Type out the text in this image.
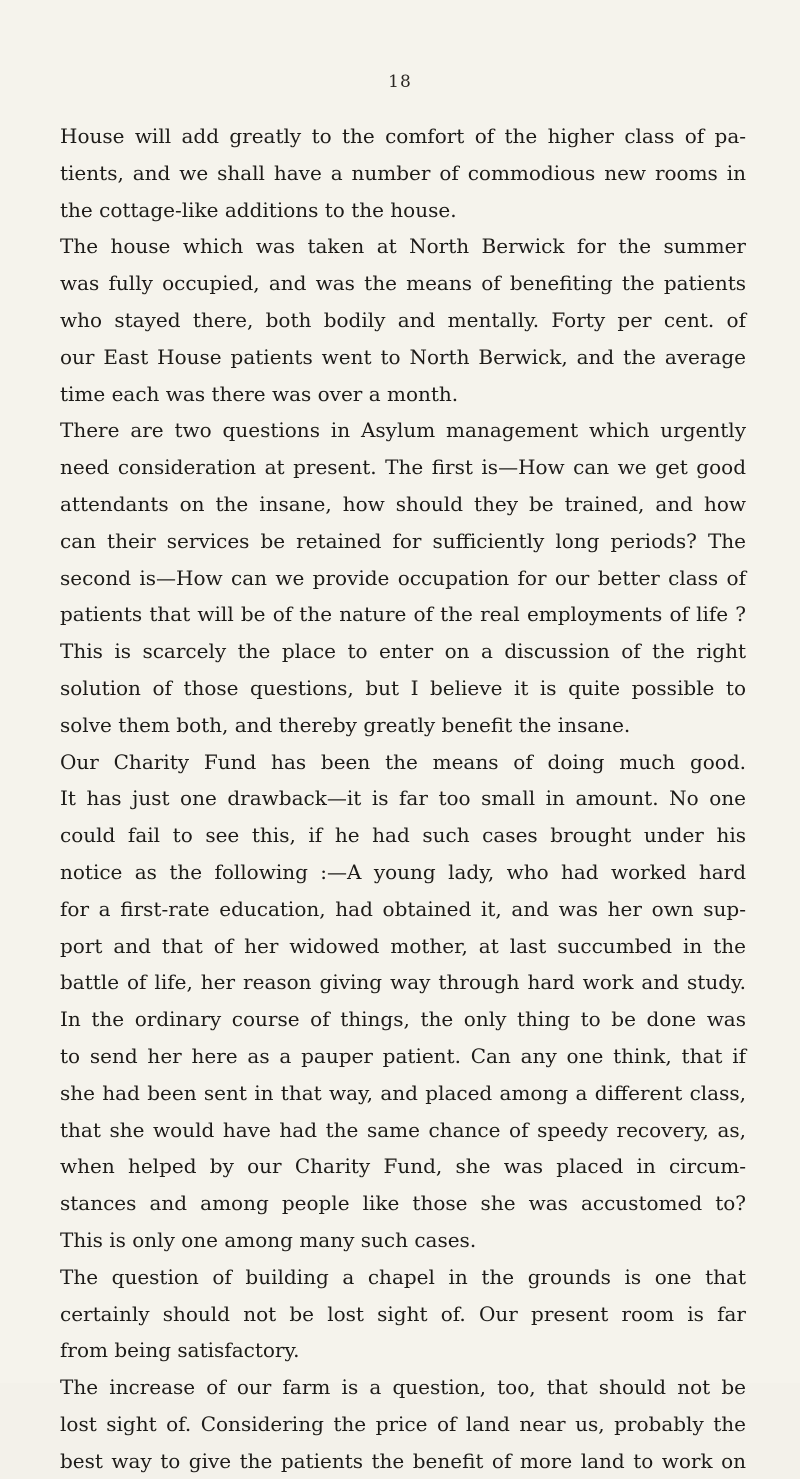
18
House will add greatly to the comfort of the higher class of pa-
tients, and we shall have a number of commodious new rooms in
the cottage-like additions to the house.
The house which was taken at North Berwick for the summer
was fully occupied, and was the means of benefiting the patients
who stayed there, both bodily and mentally. Forty per cent. of
our East House patients went to North Berwick, and the average
time each was there was over a month.
There are two questions in Asylum management which urgently
need consideration at present. The first is—How can we get good
attendants on the insane, how should they be trained, and how
can their services be retained for sufficiently long periods? The
second is—How can we provide occupation for our better class of
patients that will be of the nature of the real employments of life ?
This is scarcely the place to enter on a discussion of the right
solution of those questions, but I believe it is quite possible to
solve them both, and thereby greatly benefit the insane.
Our Charity Fund has been the means of doing much good.
It has just one drawback—it is far too small in amount. No one
could fail to see this, if he had such cases brought under his
notice as the following :—A young lady, who had worked hard
for a first-rate education, had obtained it, and was her own sup-
port and that of her widowed mother, at last succumbed in the
battle of life, her reason giving way through hard work and study.
In the ordinary course of things, the only thing to be done was
to send her here as a pauper patient. Can any one think, that if
she had been sent in that way, and placed among a different class,
that she would have had the same chance of speedy recovery, as,
when helped by our Charity Fund, she was placed in circum-
stances and among people like those she was accustomed to?
This is only one among many such cases.
The question of building a chapel in the grounds is one that
certainly should not be lost sight of. Our present room is far
from being satisfactory.
The increase of our farm is a question, too, that should not be
lost sight of. Considering the price of land near us, probably the
best way to give the patients the benefit of more land to work on
